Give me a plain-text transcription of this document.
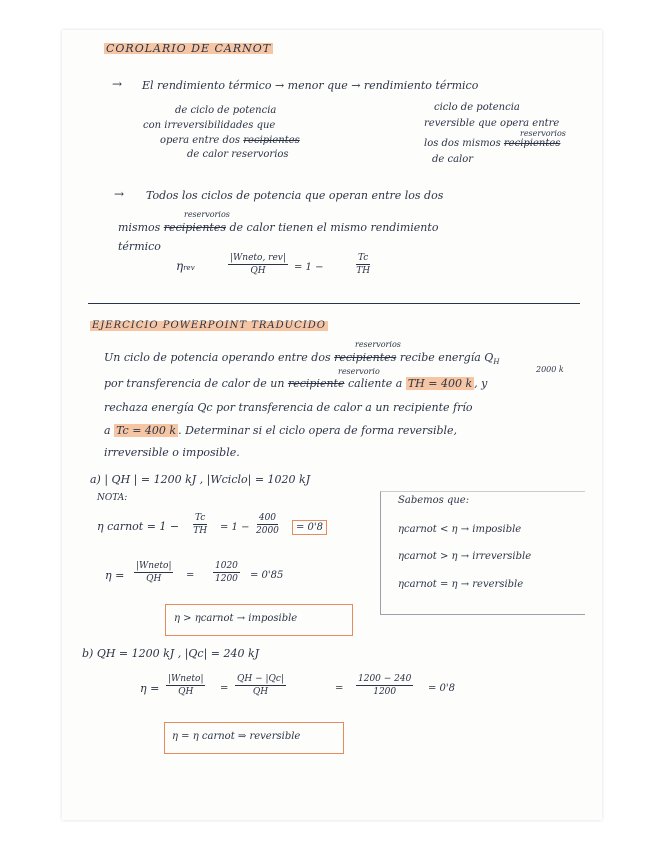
COROLARIO DE CARNOT
→ El rendimiento térmico → menor que → rendimiento térmico
de ciclo de potencia
con irreversibilidades que
opera entre dos recipientes
de calor reservorios
ciclo de potencia
reversible que opera entre
reservorios
los dos mismos recipientes
de calor
→ Todos los ciclos de potencia que operan entre los dos
reservorios
mismos recipientes de calor tienen el mismo rendimiento
térmico
ηrev
|Wneto, rev|
QH	= 1 −	$\frac{Tc}{TH}$
EJERCICIO POWERPOINT TRADUCIDO
reservorios
Un ciclo de potencia operando entre dos recipientes recibe energía $Q_H$
reservorio	2000 k
por transferencia de calor de un recipiente caliente a TH = 400 k , y
rechaza energía Qc por transferencia de calor a un recipiente frío
a Tc = 400 k . Determinar si el ciclo opera de forma reversible,
irreversible o imposible.
a) | QH | = 1200 kJ , |Wciclo| = 1020 kJ
NOTA:
η carnot = $1 - \frac{Tc}{TH} = 1 - \frac{400}{2000}$	= 0'8
η =
|Wneto|
QH = $\frac{1020}{1200} = 0'85$
η > ηcarnot → imposible
Sabemos que:
ηcarnot < η → imposible
ηcarnot > η → irreversible
ηcarnot = η → reversible
b) QH = 1200 kJ , |Qc| = 240 kJ
η =
|Wneto|
QH	= $\frac{QH - |Qc|}{QH}$	= $\frac{1200 - 240}{1200} = 0'8$
η = η carnot ⇒ reversible
